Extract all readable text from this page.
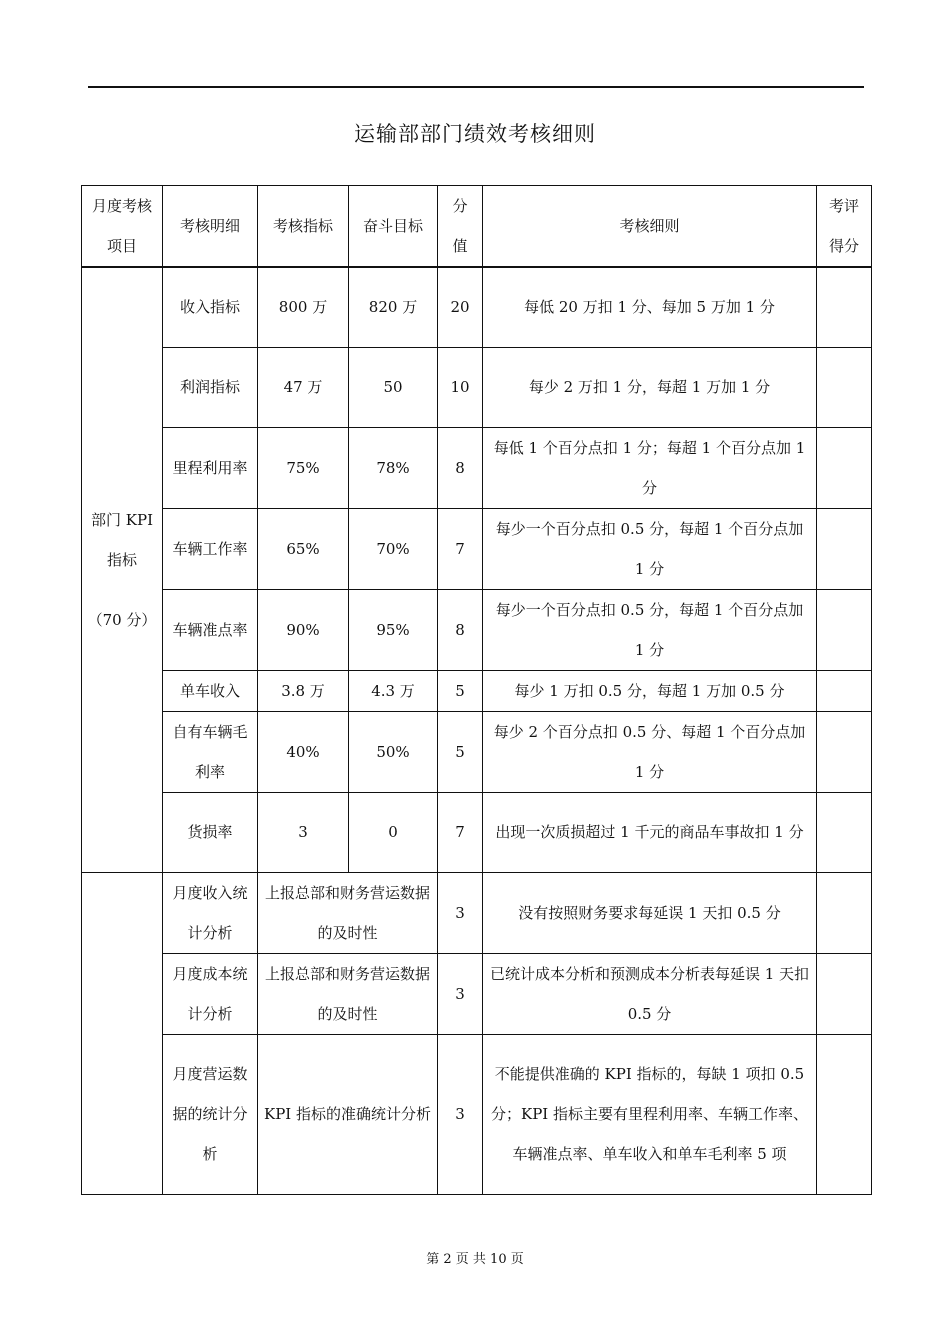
运输部部门绩效考核细则
月度考核项目	考核明细	考核指标	奋斗目标	分值	考核细则	考评得分

部门 KPI 指标
（70 分）	收入指标	800 万	820 万	20	每低 20 万扣 1 分、每加 5 万加 1 分	
	利润指标	47 万	50	10	每少 2 万扣 1 分，每超 1 万加 1 分	
	里程利用率	75%	78%	8	每低 1 个百分点扣 1 分；每超 1 个百分点加 1 分	
	车辆工作率	65%	70%	7	每少一个百分点扣 0.5 分，每超 1 个百分点加 1 分	
	车辆准点率	90%	95%	8	每少一个百分点扣 0.5 分，每超 1 个百分点加 1 分	
	单车收入	3.8 万	4.3 万	5	每少 1 万扣 0.5 分，每超 1 万加 0.5 分	
	自有车辆毛利率	40%	50%	5	每少 2 个百分点扣 0.5 分、每超 1 个百分点加 1 分	
	货损率	3	0	7	出现一次质损超过 1 千元的商品车事故扣 1 分	
	月度收入统计分析	上报总部和财务营运数据的及时性		3	没有按照财务要求每延误 1 天扣 0.5 分	
	月度成本统计分析	上报总部和财务营运数据的及时性		3	已统计成本分析和预测成本分析表每延误 1 天扣 0.5 分	
	月度营运数据的统计分析	KPI 指标的准确统计分析		3	不能提供准确的 KPI 指标的，每缺 1 项扣 0.5 分；KPI 指标主要有里程利用率、车辆工作率、车辆准点率、单车收入和单车毛利率 5 项	
第 2 页 共 10 页
